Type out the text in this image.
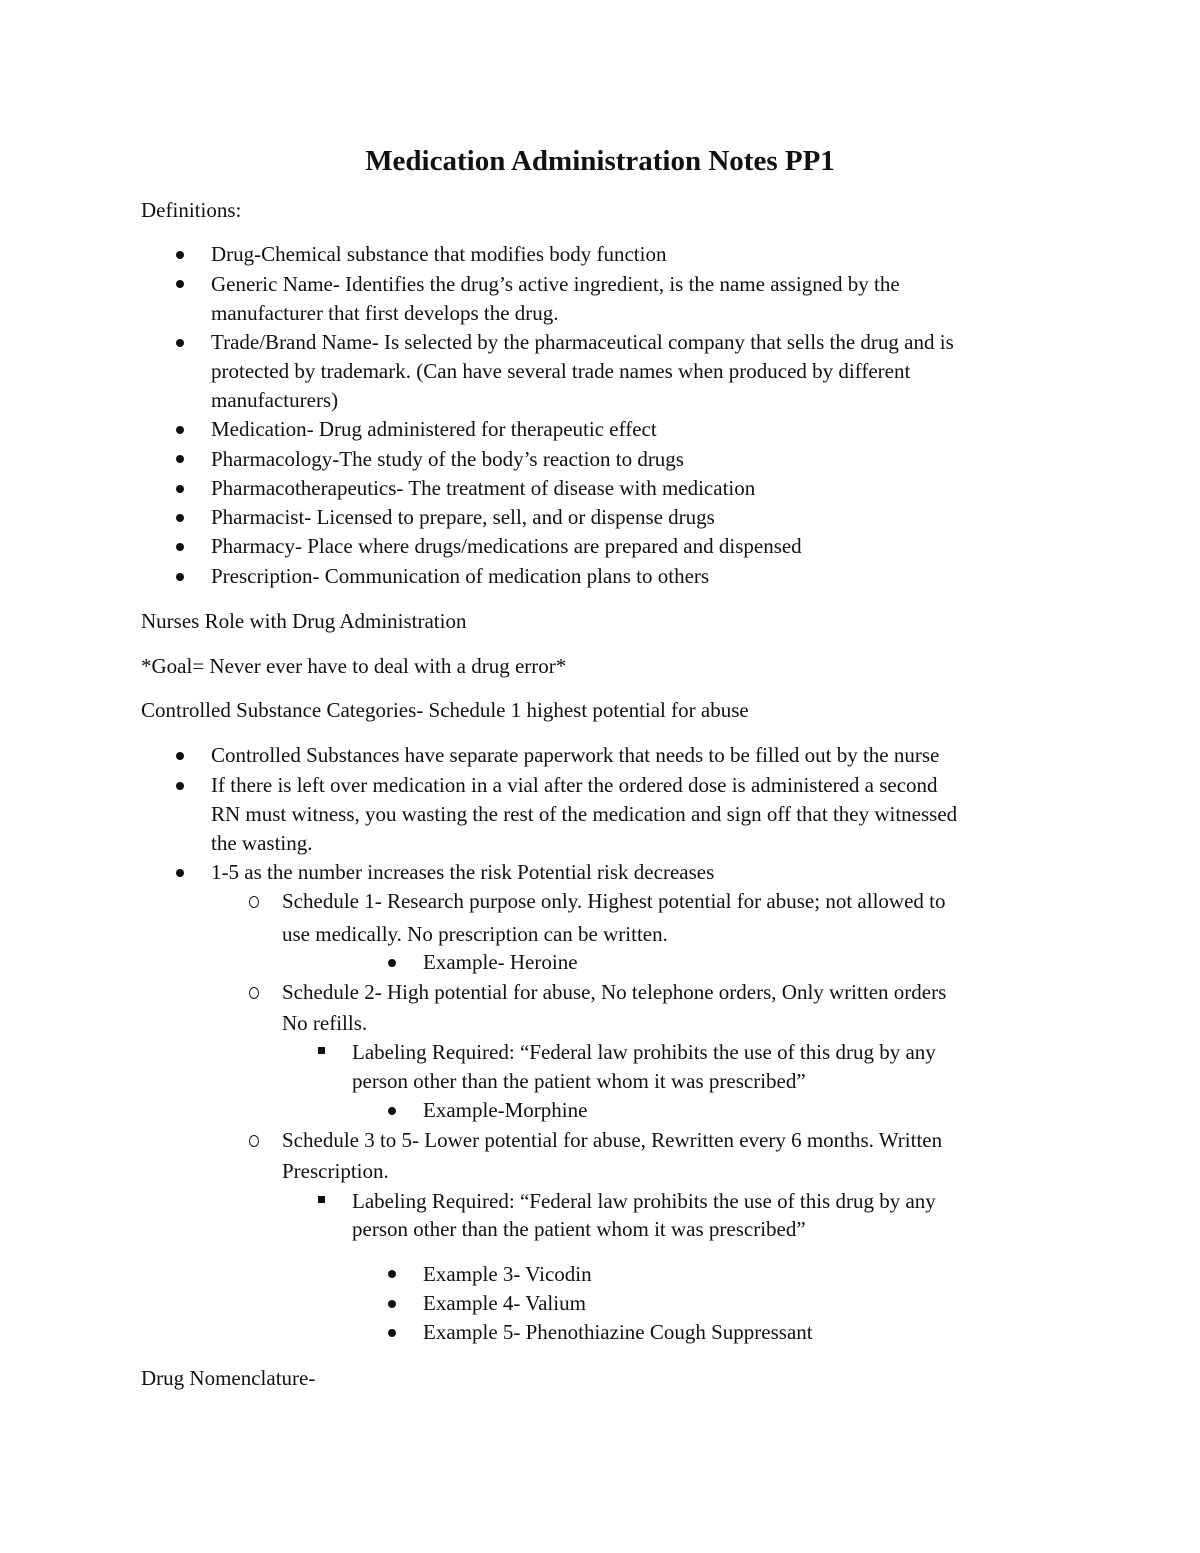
Medication Administration Notes PP1
Definitions:
Drug-Chemical substance that modifies body function
Generic Name- Identifies the drug’s active ingredient, is the name assigned by the
manufacturer that first develops the drug.
Trade/Brand Name- Is selected by the pharmaceutical company that sells the drug and is
protected by trademark. (Can have several trade names when produced by different
manufacturers)
Medication- Drug administered for therapeutic effect
Pharmacology-The study of the body’s reaction to drugs
Pharmacotherapeutics- The treatment of disease with medication
Pharmacist- Licensed to prepare, sell, and or dispense drugs
Pharmacy- Place where drugs/medications are prepared and dispensed
Prescription- Communication of medication plans to others
Nurses Role with Drug Administration
*Goal= Never ever have to deal with a drug error*
Controlled Substance Categories- Schedule 1 highest potential for abuse
Controlled Substances have separate paperwork that needs to be filled out by the nurse
If there is left over medication in a vial after the ordered dose is administered a second
RN must witness, you wasting the rest of the medication and sign off that they witnessed
the wasting.
1-5 as the number increases the risk Potential risk decreases
Schedule 1- Research purpose only. Highest potential for abuse; not allowed to
use medically. No prescription can be written.
Example- Heroine
Schedule 2- High potential for abuse, No telephone orders, Only written orders
No refills.
Labeling Required: “Federal law prohibits the use of this drug by any
person other than the patient whom it was prescribed”
Example-Morphine
Schedule 3 to 5- Lower potential for abuse, Rewritten every 6 months. Written
Prescription.
Labeling Required: “Federal law prohibits the use of this drug by any
person other than the patient whom it was prescribed”
Example 3- Vicodin
Example 4- Valium
Example 5- Phenothiazine Cough Suppressant
Drug Nomenclature-
